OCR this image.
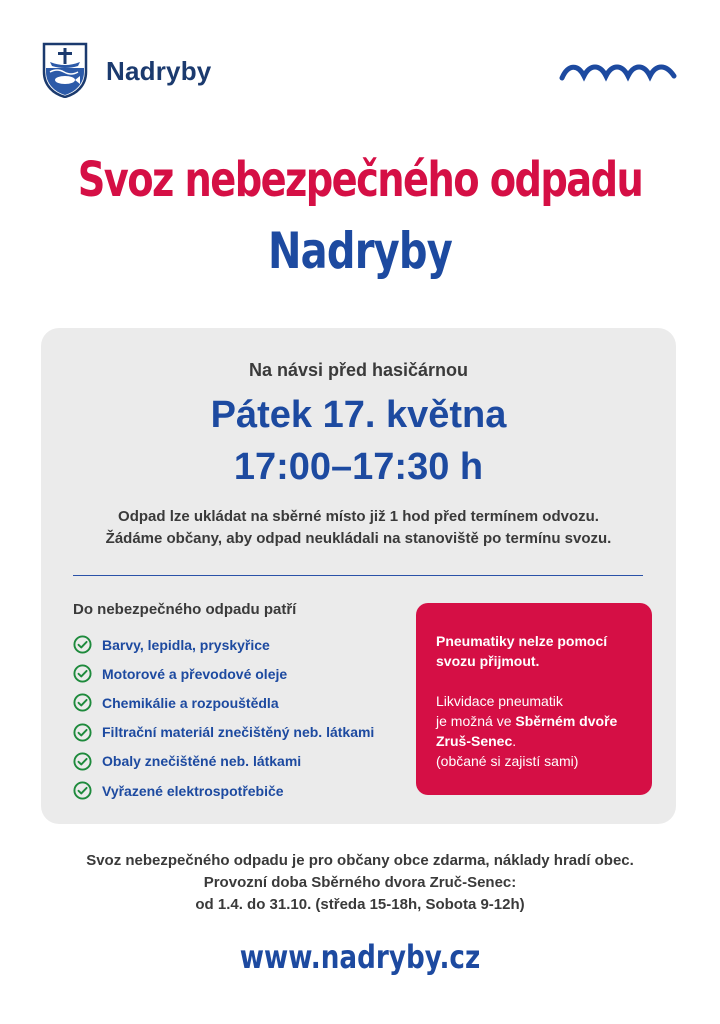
Nadryby
Svoz nebezpečného odpadu
Nadryby
Na návsi před hasičárnou
Pátek 17. května
17:00–17:30 h
Odpad lze ukládat na sběrné místo již 1 hod před termínem odvozu.
Žádáme občany, aby odpad neukládali na stanoviště po termínu svozu.
Do nebezpečného odpadu patří
Barvy, lepidla, pryskyřice
Motorové a převodové oleje
Chemikálie a rozpouštědla
Filtrační materiál znečištěný neb. látkami
Obaly znečištěné neb. látkami
Vyřazené elektrospotřebiče
Pneumatiky nelze pomocí svozu přijmout.
Likvidace pneumatik
je možná ve Sběrném dvoře
Zruš-Senec.
(občané si zajistí sami)
Svoz nebezpečného odpadu je pro občany obce zdarma, náklady hradí obec.
Provozní doba Sběrného dvora Zruč-Senec:
od 1.4. do 31.10. (středa 15-18h, Sobota 9-12h)
www.nadryby.cz
